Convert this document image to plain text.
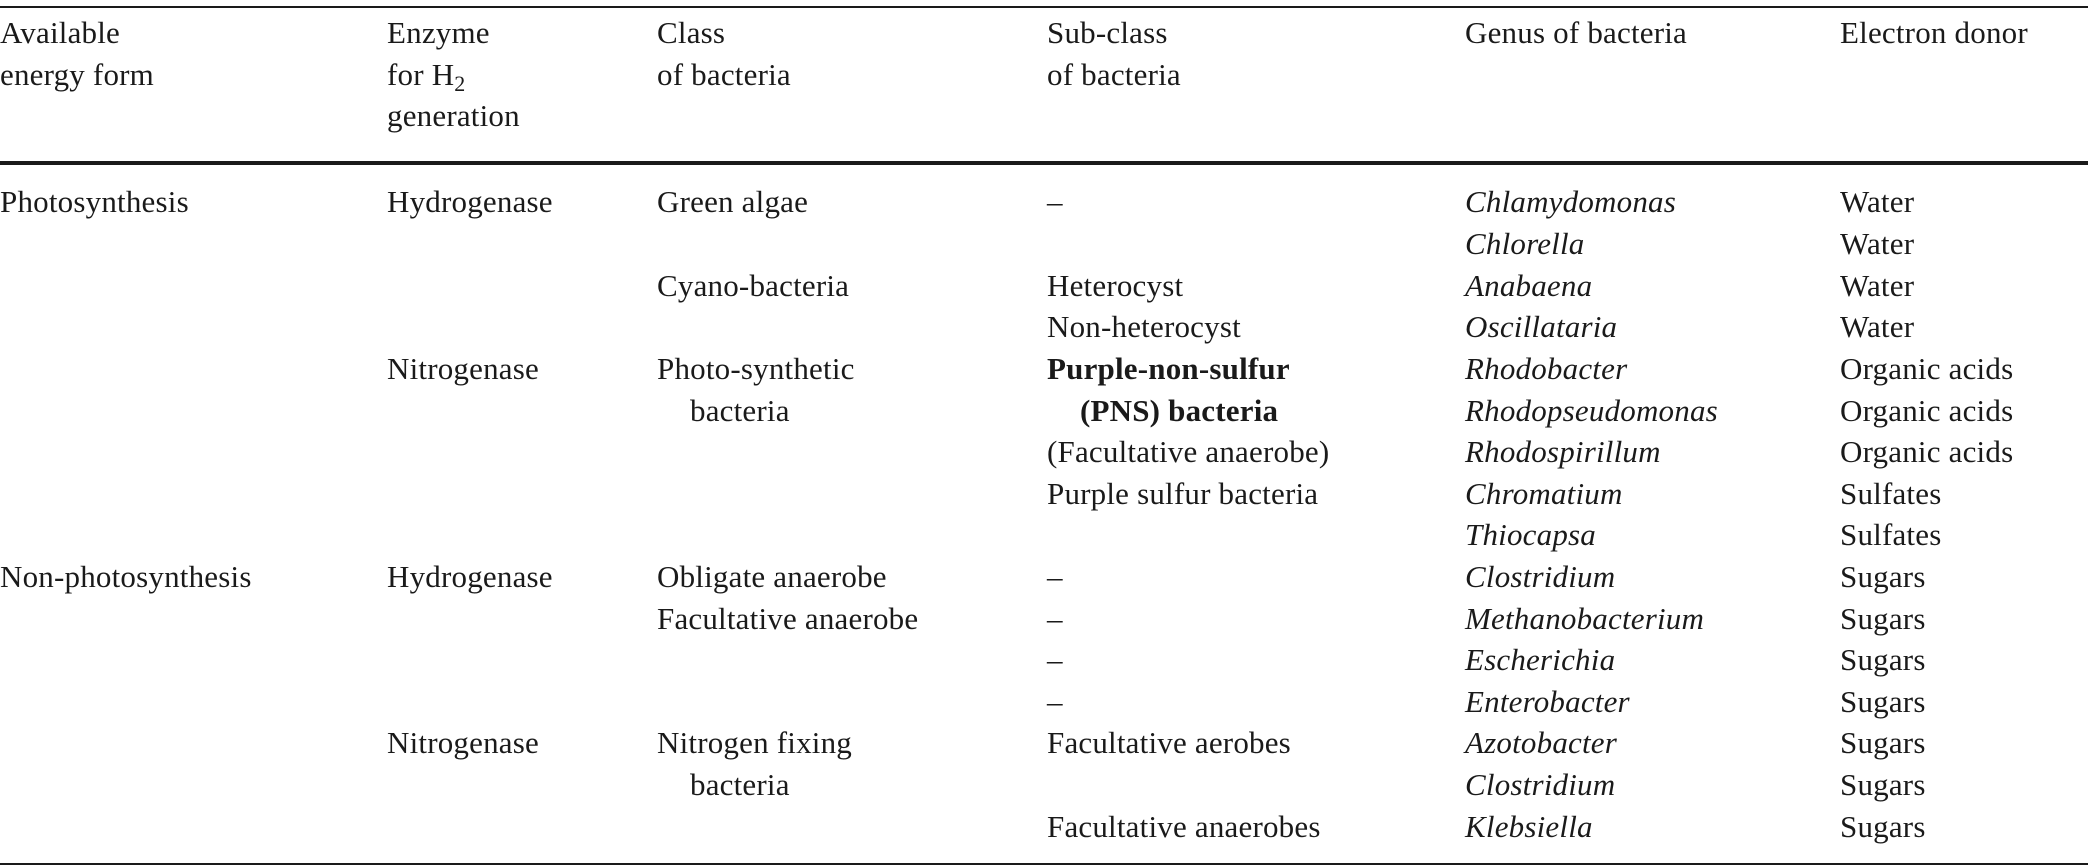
Available
energy form
Enzyme
for $H_2$
generation
Class
of bacteria
Sub-class
of bacteria
Genus of bacteria	Electron donor
Photosynthesis
Non-photosynthesis
Hydrogenase
Nitrogenase
Hydrogenase
Nitrogenase
Green algae
Cyano-bacteria
Photo-synthetic
bacteria
Obligate anaerobe
Facultative anaerobe
Nitrogen fixing
bacteria
–
Heterocyst
Non-heterocyst
Purple-non-sulfur
(PNS) bacteria
(Facultative anaerobe)
Purple sulfur bacteria
–
–
–
–
Facultative aerobes
Facultative anaerobes
Chlamydomonas
Chlorella
Anabaena
Oscillataria
Rhodobacter
Rhodopseudomonas
Rhodospirillum
Chromatium
Thiocapsa
Clostridium
Methanobacterium
Escherichia
Enterobacter
Azotobacter
Clostridium
Klebsiella
Water
Water
Water
Water
Organic acids
Organic acids
Organic acids
Sulfates
Sulfates
Sugars
Sugars
Sugars
Sugars
Sugars
Sugars
Sugars
